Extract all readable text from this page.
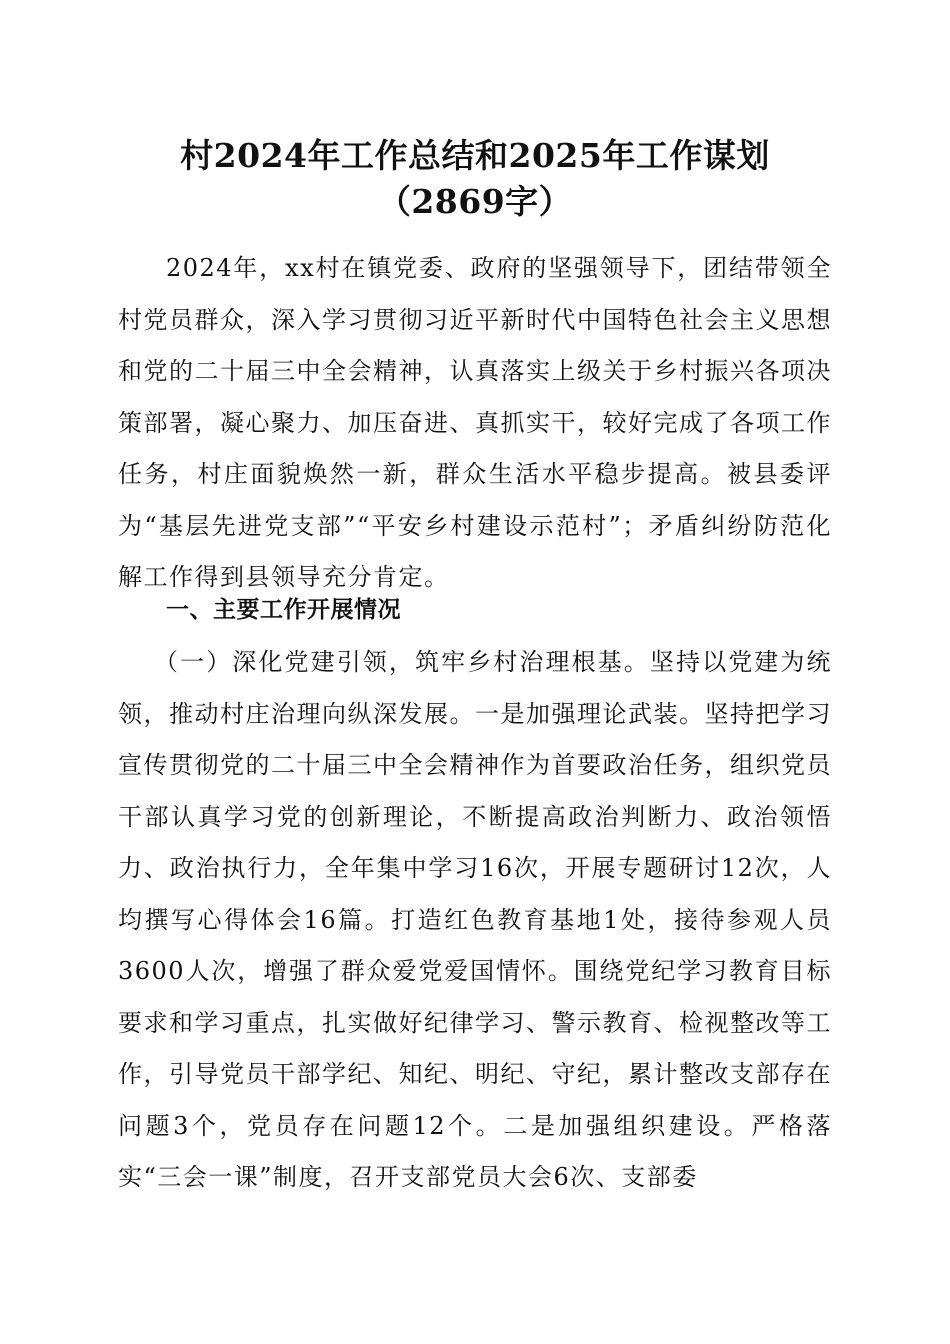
村2024年工作总结和2025年工作谋划（2869字）

2024年，xx村在镇党委、政府的坚强领导下，团结带领全村党员群众，深入学习贯彻习近平新时代中国特色社会主义思想和党的二十届三中全会精神，认真落实上级关于乡村振兴各项决策部署，凝心聚力、加压奋进、真抓实干，较好完成了各项工作任务，村庄面貌焕然一新，群众生活水平稳步提高。被县委评为“基层先进党支部”“平安乡村建设示范村”；矛盾纠纷防范化解工作得到县领导充分肯定。

一、主要工作开展情况

（一）深化党建引领，筑牢乡村治理根基。坚持以党建为统领，推动村庄治理向纵深发展。一是加强理论武装。坚持把学习宣传贯彻党的二十届三中全会精神作为首要政治任务，组织党员干部认真学习党的创新理论，不断提高政治判断力、政治领悟力、政治执行力，全年集中学习16次，开展专题研讨12次，人均撰写心得体会16篇。打造红色教育基地1处，接待参观人员3600人次，增强了群众爱党爱国情怀。围绕党纪学习教育目标要求和学习重点，扎实做好纪律学习、警示教育、检视整改等工作，引导党员干部学纪、知纪、明纪、守纪，累计整改支部存在问题3个，党员存在问题12个。二是加强组织建设。严格落实“三会一课”制度，召开支部党员大会6次、支部委
